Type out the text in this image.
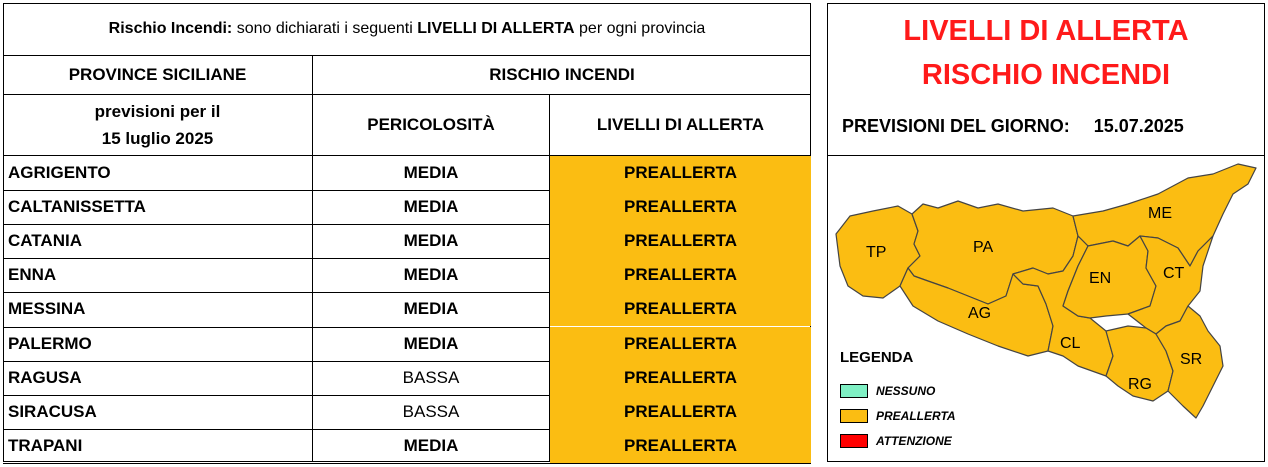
Rischio Incendi: sono dichiarati i seguenti LIVELLI DI ALLERTA per ogni provincia
PROVINCE SICILIANE	RISCHIO INCENDI
previsioni per il
15 luglio 2025
PERICOLOSITÀ	LIVELLI DI ALLERTA
AGRIGENTO	MEDIA	PREALLERTA
CALTANISSETTA	MEDIA	PREALLERTA
CATANIA	MEDIA	PREALLERTA
ENNA	MEDIA	PREALLERTA
MESSINA	MEDIA	PREALLERTA
PALERMO	MEDIA	PREALLERTA
RAGUSA	BASSA	PREALLERTA
SIRACUSA	BASSA	PREALLERTA
TRAPANI	MEDIA	PREALLERTA
LIVELLI DI ALLERTA
RISCHIO INCENDI
PREVISIONI DEL GIORNO: 15.07.2025
TP	PA
ME
EN	CT
AG
CL
SR
RG
LEGENDA
NESSUNO
PREALLERTA
ATTENZIONE
